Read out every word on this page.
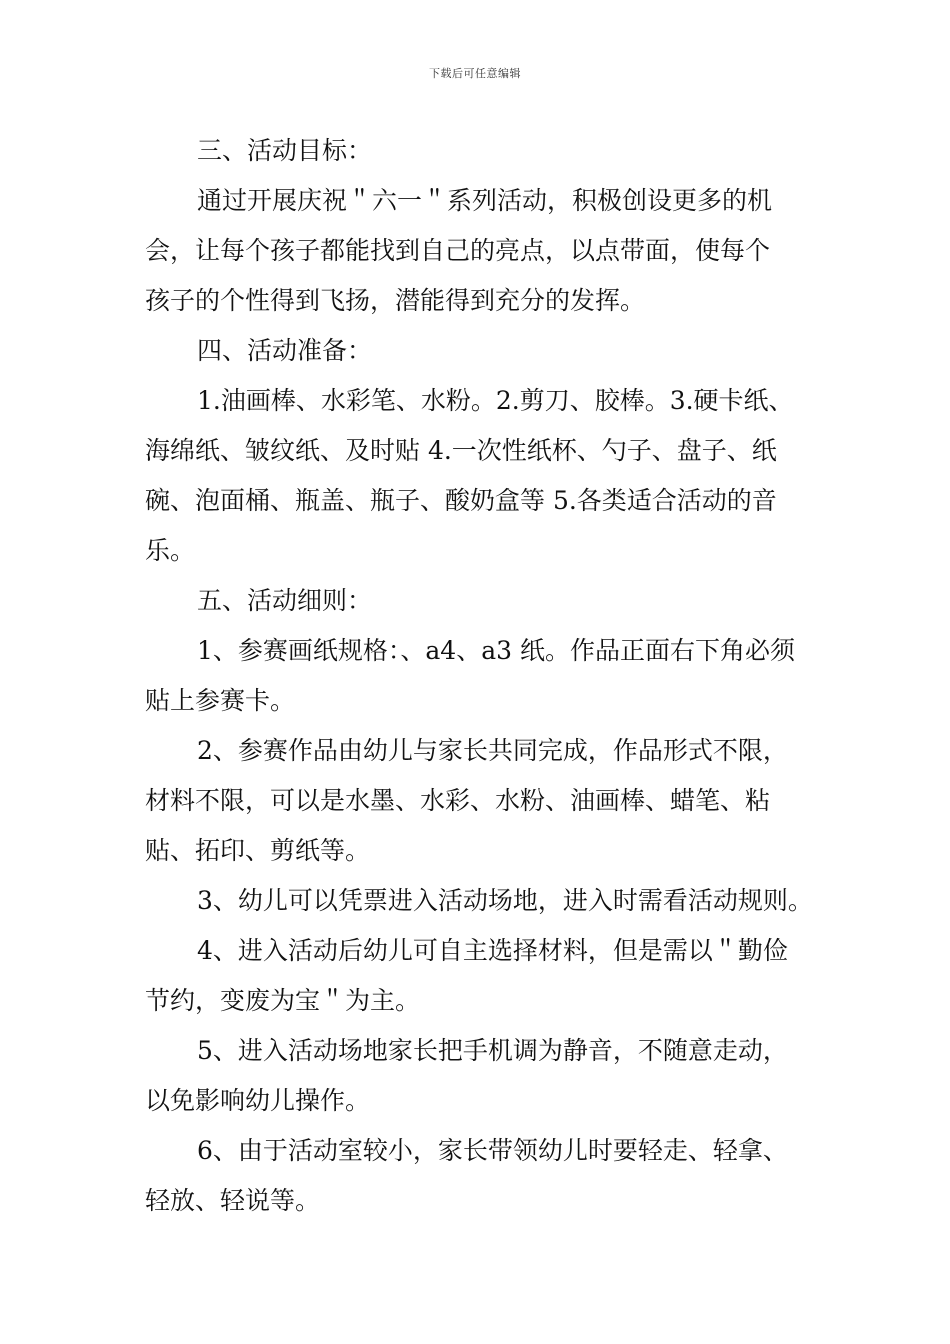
下载后可任意编辑
三、活动目标：
通过开展庆祝＂六一＂系列活动，积极创设更多的机
会，让每个孩子都能找到自己的亮点，以点带面，使每个
孩子的个性得到飞扬，潜能得到充分的发挥。
四、活动准备：
1.油画棒、水彩笔、水粉。2.剪刀、胶棒。3.硬卡纸、
海绵纸、皱纹纸、及时贴 4.一次性纸杯、勺子、盘子、纸
碗、泡面桶、瓶盖、瓶子、酸奶盒等 5.各类适合活动的音
乐。
五、活动细则：
1、参赛画纸规格：、a4、a3 纸。作品正面右下角必须
贴上参赛卡。
2、参赛作品由幼儿与家长共同完成，作品形式不限，
材料不限，可以是水墨、水彩、水粉、油画棒、蜡笔、粘
贴、拓印、剪纸等。
3、幼儿可以凭票进入活动场地，进入时需看活动规则。
4、进入活动后幼儿可自主选择材料，但是需以＂勤俭
节约，变废为宝＂为主。
5、进入活动场地家长把手机调为静音，不随意走动，
以免影响幼儿操作。
6、由于活动室较小，家长带领幼儿时要轻走、轻拿、
轻放、轻说等。
